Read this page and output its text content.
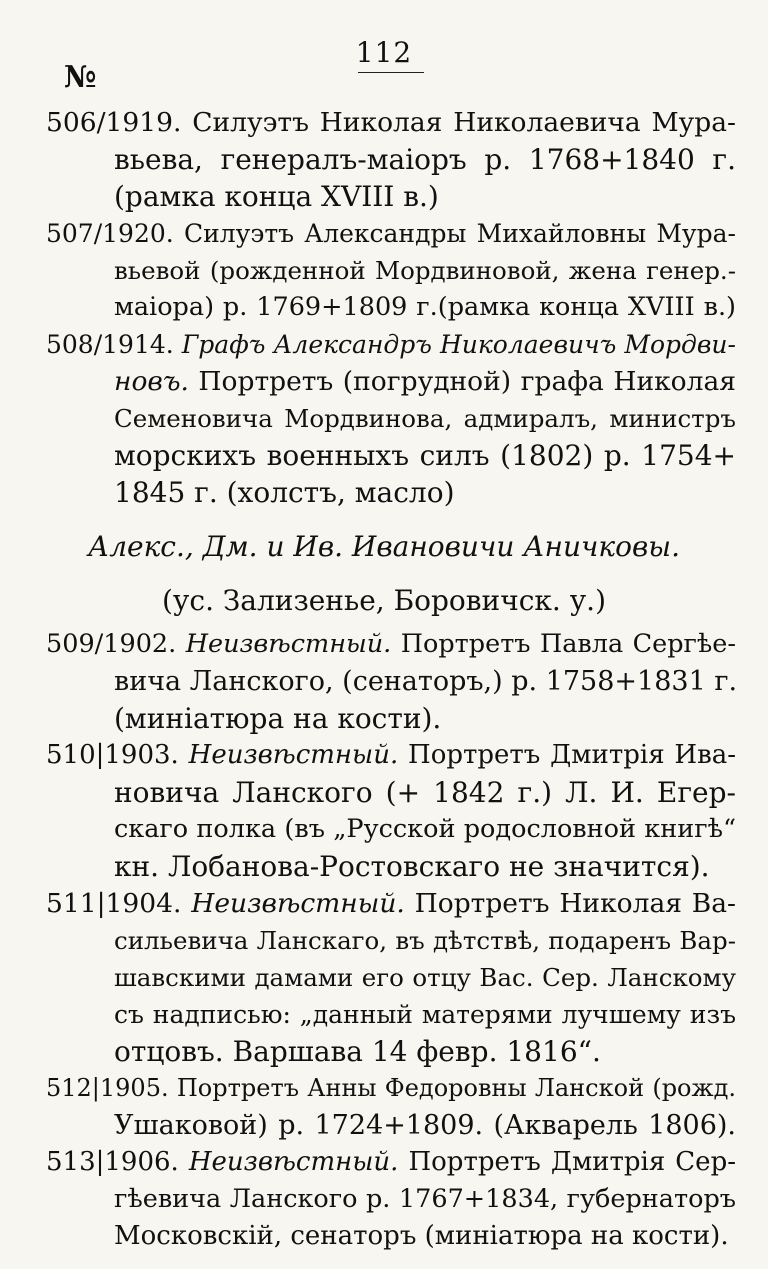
112
№
506/1919. Силуэтъ Николая Николаевича Мура-
вьева, генералъ-маіоръ р. 1768+1840 г.
(рамка конца XVIII в.)
507/1920. Силуэтъ Александры Михайловны Мура-
вьевой (рожденной Мордвиновой, жена генер.-
маіора) р. 1769+1809 г.(рамка конца XVIII в.)
508/1914. Графъ Александръ Николаевичъ Мордви-
новъ. Портретъ (погрудной) графа Николая
Семеновича Мордвинова, адмиралъ, министръ
морскихъ военныхъ силъ (1802) р. 1754+
1845 г. (холстъ, масло)
Алекс., Дм. и Ив. Ивановичи Аничковы.
(ус. Зализенье, Боровичск. у.)
509/1902. Неизвѣстный. Портретъ Павла Сергѣе-
вича Ланского, (сенаторъ,) р. 1758+1831 г.
(миніатюра на кости).
510|1903. Неизвѣстный. Портретъ Дмитрія Ива-
новича Ланского (+ 1842 г.) Л. И. Егер-
скаго полка (въ „Русской родословной книгѣ“
кн. Лобанова-Ростовскаго не значится).
511|1904. Неизвѣстный. Портретъ Николая Ва-
сильевича Ланскаго, въ дѣтствѣ, подаренъ Вар-
шавскими дамами его отцу Вас. Сер. Ланскому
съ надписью: „данный матерями лучшему изъ
отцовъ. Варшава 14 февр. 1816“.
512|1905. Портретъ Анны Федоровны Ланской (рожд.
Ушаковой) р. 1724+1809. (Акварель 1806).
513|1906. Неизвѣстный. Портретъ Дмитрія Сер-
гѣевича Ланского р. 1767+1834, губернаторъ
Московскій, сенаторъ (миніатюра на кости).
